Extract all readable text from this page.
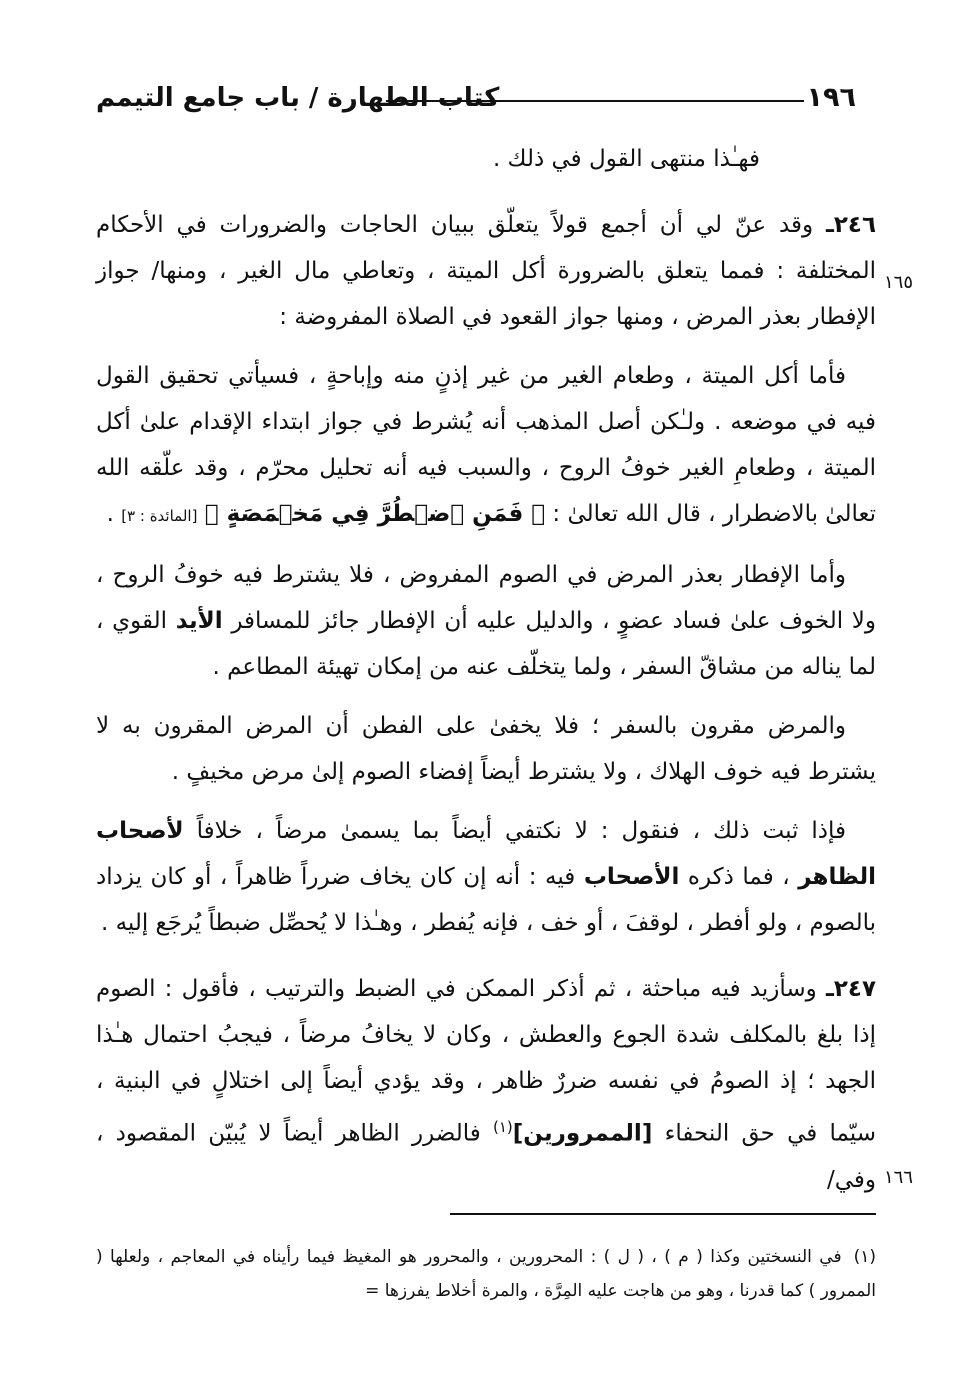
١٩٦
كتاب الطهارة / باب جامع التيمم
١٦٥
١٦٦

فهـٰذا منتهى القول في ذلك .

٢٤٦ـ وقد عنّ لي أن أجمع قولاً يتعلّق ببيان الحاجات والضرورات في الأحكام المختلفة : فمما يتعلق بالضرورة أكل الميتة ، وتعاطي مال الغير ، ومنها/ جواز الإفطار بعذر المرض ، ومنها جواز القعود في الصلاة المفروضة :

فأما أكل الميتة ، وطعام الغير من غير إذنٍ منه وإباحةٍ ، فسيأتي تحقيق القول فيه في موضعه . ولـٰكن أصل المذهب أنه يُشرط في جواز ابتداء الإقدام علىٰ أكل الميتة ، وطعامِ الغير خوفُ الروح ، والسبب فيه أنه تحليل محرّم ، وقد علّقه الله تعالىٰ بالاضطرار ، قال الله تعالىٰ : ﴿ فَمَنِ ٱضۡطُرَّ فِي مَخۡمَصَةٍ ﴾ [المائدة : ٣] .

وأما الإفطار بعذر المرض في الصوم المفروض ، فلا يشترط فيه خوفُ الروح ، ولا الخوف علىٰ فساد عضوٍ ، والدليل عليه أن الإفطار جائز للمسافر الأيد القوي ، لما يناله من مشاقّ السفر ، ولما يتخلّف عنه من إمكان تهيئة المطاعم .

والمرض مقرون بالسفر ؛ فلا يخفىٰ على الفطن أن المرض المقرون به لا يشترط فيه خوف الهلاك ، ولا يشترط أيضاً إفضاء الصوم إلىٰ مرض مخيفٍ .

فإذا ثبت ذلك ، فنقول : لا نكتفي أيضاً بما يسمىٰ مرضاً ، خلافاً لأصحاب الظاهر ، فما ذكره الأصحاب فيه : أنه إن كان يخاف ضرراً ظاهراً ، أو كان يزداد بالصوم ، ولو أفطر ، لوقفَ ، أو خف ، فإنه يُفطر ، وهـٰذا لا يُحصِّل ضبطاً يُرجَع إليه .

٢٤٧ـ وسأزيد فيه مباحثة ، ثم أذكر الممكن في الضبط والترتيب ، فأقول : الصوم إذا بلغ بالمكلف شدة الجوع والعطش ، وكان لا يخافُ مرضاً ، فيجبُ احتمال هـٰذا الجهد ؛ إذ الصومُ في نفسه ضررٌ ظاهر ، وقد يؤدي أيضاً إلى اختلالٍ في البنية ، سيّما في حق النحفاء [الممرورين]$^{(١)}$ فالضرر الظاهر أيضاً لا يُبيّن المقصود ، وفي/

(١)في النسختين وكذا ( م ) ، ( ل ) : المحرورين ، والمحرور هو المغيظ فيما رأيناه في المعاجم ، ولعلها ( الممرور ) كما قدرنا ، وهو من هاجت عليه المِرَّة ، والمرة أخلاط يفرزها =
